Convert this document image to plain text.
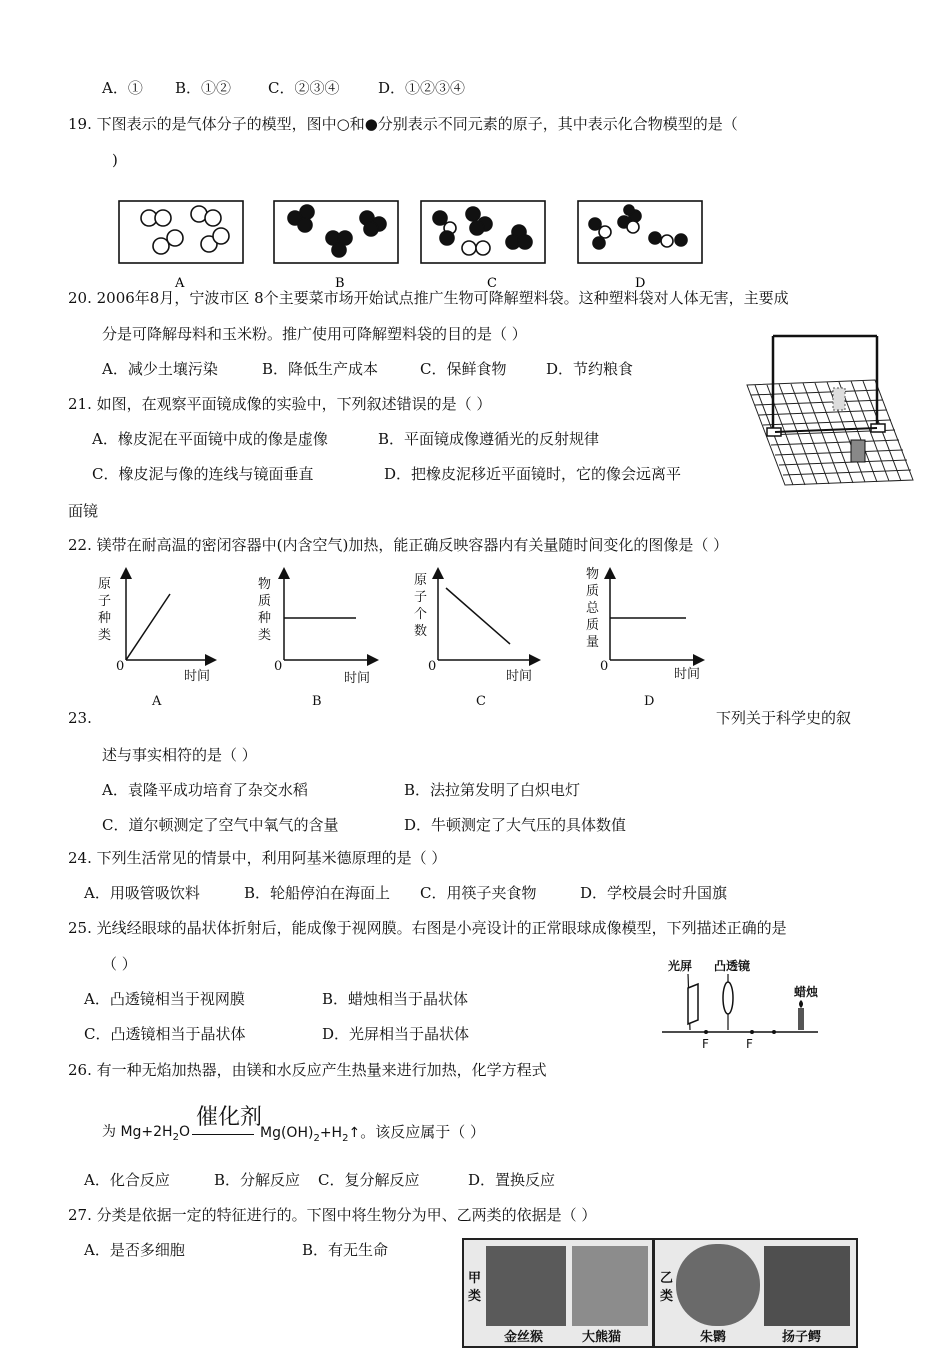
A．① B．①② C．②③④	D．①②③④
19. 下图表示的是气体分子的模型，图中○和●分别表示不同元素的原子，其中表示化合物模型的是（
)
A	B	C	D
20. 2006年8月，宁波市区 8个主要菜市场开始试点推广生物可降解塑料袋。这种塑料袋对人体无害，主要成
分是可降解母料和玉米粉。推广使用可降解塑料袋的目的是（ ）
A．减少土壤污染	B．降低生产成本	C．保鲜食物	D．节约粮食
21. 如图，在观察平面镜成像的实验中，下列叙述错误的是（ ）
A．橡皮泥在平面镜中成的像是虚像	B．平面镜成像遵循光的反射规律
C．橡皮泥与像的连线与镜面垂直	D．把橡皮泥移近平面镜时，它的像会远离平
面镜
22. 镁带在耐高温的密闭容器中(内含空气)加热，能正确反映容器内有关量随时间变化的图像是（ ）
原
子
种
类
0
时间
A
物
质
种
类
0
时间
B
原
子
个
数
0
时间
C
物
质
总
质
量
0
时间
D
23.	下列关于科学史的叙
述与事实相符的是（ ）
A．袁隆平成功培育了杂交水稻	B．法拉第发明了白炽电灯
C．道尔顿测定了空气中氧气的含量	D．牛顿测定了大气压的具体数值
24. 下列生活常见的情景中，利用阿基米德原理的是（ ）
A．用吸管吸饮料	B．轮船停泊在海面上 C．用筷子夹食物	D．学校晨会时升国旗
25. 光线经眼球的晶状体折射后，能成像于视网膜。右图是小亮设计的正常眼球成像模型，下列描述正确的是
（ ）
A．凸透镜相当于视网膜	B．蜡烛相当于晶状体
C．凸透镜相当于晶状体	D．光屏相当于晶状体
光屏 凸透镜
蜡烛
F	F
26. 有一种无焰加热器，由镁和水反应产生热量来进行加热，化学方程式
为 $Mg+2H_2O$
催化剂
$Mg(OH)_2+H_2↑$。该反应属于（ ）
A．化合反应	B．分解反应 C．复分解反应	D．置换反应
27. 分类是依据一定的特征进行的。下图中将生物分为甲、乙两类的依据是（ ）
A．是否多细胞	B．有无生命
甲类
乙类
金丝猴	大熊猫	朱鹮	扬子鳄
